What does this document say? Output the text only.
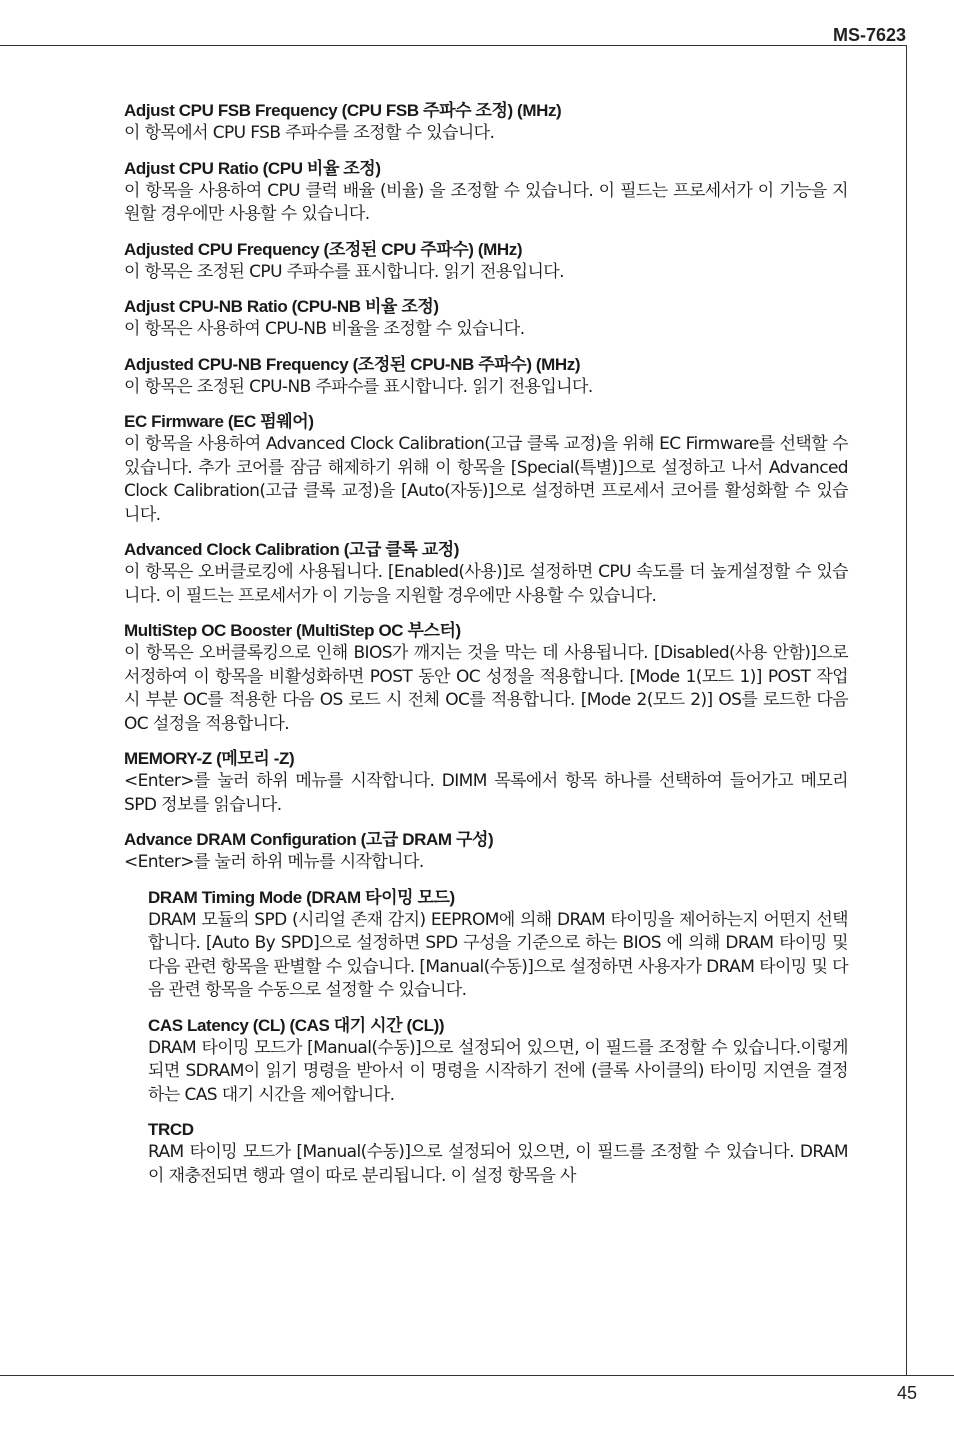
MS-7623

Adjust CPU FSB Frequency (CPU FSB 주파수 조정) (MHz)

이 항목에서 CPU FSB 주파수를 조정할 수 있습니다.

Adjust CPU Ratio (CPU 비율 조정)

이 항목을 사용하여 CPU 클럭 배율 (비율) 을 조정할 수 있습니다. 이 필드는 프로세서가 이 기능을 지원할 경우에만 사용할 수 있습니다.

Adjusted CPU Frequency (조정된 CPU 주파수) (MHz)

이 항목은 조정된 CPU 주파수를 표시합니다. 읽기 전용입니다.

Adjust CPU-NB Ratio (CPU-NB 비율 조정)

이 항목은 사용하여 CPU-NB 비율을 조정할 수 있습니다.

Adjusted CPU-NB Frequency (조정된 CPU-NB 주파수) (MHz)

이 항목은 조정된 CPU-NB 주파수를 표시합니다. 읽기 전용입니다.

EC Firmware (EC 펌웨어)

이 항목을 사용하여 Advanced Clock Calibration(고급 클록 교정)을 위해 EC Firmware를 선택할 수 있습니다. 추가 코어를 잠금 해제하기 위해 이 항목을 [Special(특별)]으로 설정하고 나서 Advanced Clock Calibration(고급 클록 교정)을 [Auto(자동)]으로 설정하면 프로세서 코어를 활성화할 수 있습니다.

Advanced Clock Calibration (고급 클록 교정)

이 항목은 오버클로킹에 사용됩니다. [Enabled(사용)]로 설정하면 CPU 속도를 더 높게설정할 수 있습니다. 이 필드는 프로세서가 이 기능을 지원할 경우에만 사용할 수 있습니다.

MultiStep OC Booster (MultiStep OC 부스터)

이 항목은 오버클록킹으로 인해 BIOS가 깨지는 것을 막는 데 사용됩니다. [Disabled(사용 안함)]으로 서정하여 이 항목을 비활성화하면 POST 동안 OC 성정을 적용합니다. [Mode 1(모드 1)] POST 작업 시 부분 OC를 적용한 다음 OS 로드 시 전체 OC를 적용합니다. [Mode 2(모드 2)] OS를 로드한 다음 OC 설정을 적용합니다.

MEMORY-Z (메모리 -Z)

<Enter>를 눌러 하위 메뉴를 시작합니다. DIMM 목록에서 항목 하나를 선택하여 들어가고 메모리 SPD 정보를 읽습니다.

Advance DRAM Configuration (고급 DRAM 구성)

<Enter>를 눌러 하위 메뉴를 시작합니다.

DRAM Timing Mode (DRAM 타이밍 모드)

DRAM 모듈의 SPD (시리얼 존재 감지) EEPROM에 의해 DRAM 타이밍을 제어하는지 어떤지 선택합니다. [Auto By SPD]으로 설정하면 SPD 구성을 기준으로 하는 BIOS 에 의해 DRAM 타이밍 및 다음 관련 항목을 판별할 수 있습니다. [Manual(수동)]으로 설정하면 사용자가 DRAM 타이밍 및 다음 관련 항목을 수동으로 설정할 수 있습니다.

CAS Latency (CL) (CAS 대기 시간 (CL))

DRAM 타이밍 모드가 [Manual(수동)]으로 설정되어 있으면, 이 필드를 조정할 수 있습니다.이렇게 되면 SDRAM이 읽기 명령을 받아서 이 명령을 시작하기 전에 (클록 사이클의) 타이밍 지연을 결정하는 CAS 대기 시간을 제어합니다.

TRCD

RAM 타이밍 모드가 [Manual(수동)]으로 설정되어 있으면, 이 필드를 조정할 수 있습니다. DRAM이 재충전되면 행과 열이 따로 분리됩니다. 이 설정 항목을 사

45
